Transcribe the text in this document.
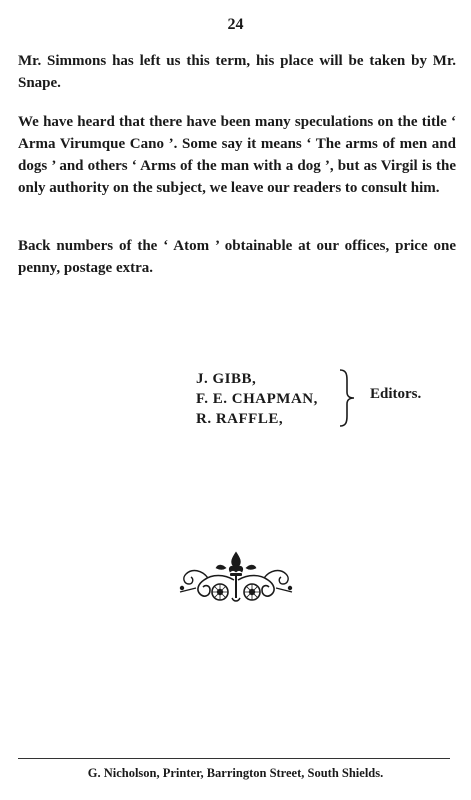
24

Mr. Simmons has left us this term, his place will be taken by Mr. Snape.

We have heard that there have been many speculations on the title ‘ Arma Virumque Cano ’. Some say it means ‘ The arms of men and dogs ’ and others ‘ Arms of the man with a dog ’, but as Virgil is the only authority on the subject, we leave our readers to consult him.

Back numbers of the ‘ Atom ’ obtainable at our offices, price one penny, postage extra.

J. GIBB,
F. E. CHAPMAN,
R. RAFFLE,
Editors.
G. Nicholson, Printer, Barrington Street, South Shields.
